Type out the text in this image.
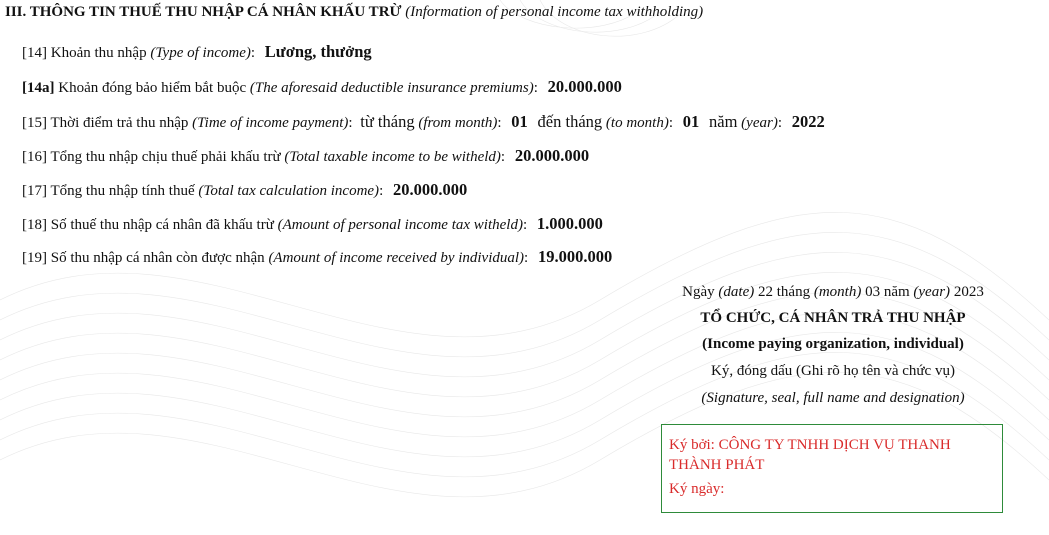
III. THÔNG TIN THUẾ THU NHẬP CÁ NHÂN KHẤU TRỪ (Information of personal income tax withholding)
[14] Khoản thu nhập (Type of income): Lương, thưởng
[14a] Khoản đóng bảo hiểm bắt buộc (The aforesaid deductible insurance premiums): 20.000.000
[15] Thời điểm trả thu nhập (Time of income payment): từ tháng (from month): 01 đến tháng (to month): 01 năm (year): 2022
[16] Tổng thu nhập chịu thuế phải khấu trừ (Total taxable income to be witheld): 20.000.000
[17] Tổng thu nhập tính thuế (Total tax calculation income): 20.000.000
[18] Số thuế thu nhập cá nhân đã khấu trừ (Amount of personal income tax witheld): 1.000.000
[19] Số thu nhập cá nhân còn được nhận (Amount of income received by individual): 19.000.000
Ngày (date) 22 tháng (month) 03 năm (year) 2023
TỔ CHỨC, CÁ NHÂN TRẢ THU NHẬP
(Income paying organization, individual)
Ký, đóng dấu (Ghi rõ họ tên và chức vụ)
(Signature, seal, full name and designation)
Ký bởi: CÔNG TY TNHH DỊCH VỤ THANH
THÀNH PHÁT
Ký ngày:
